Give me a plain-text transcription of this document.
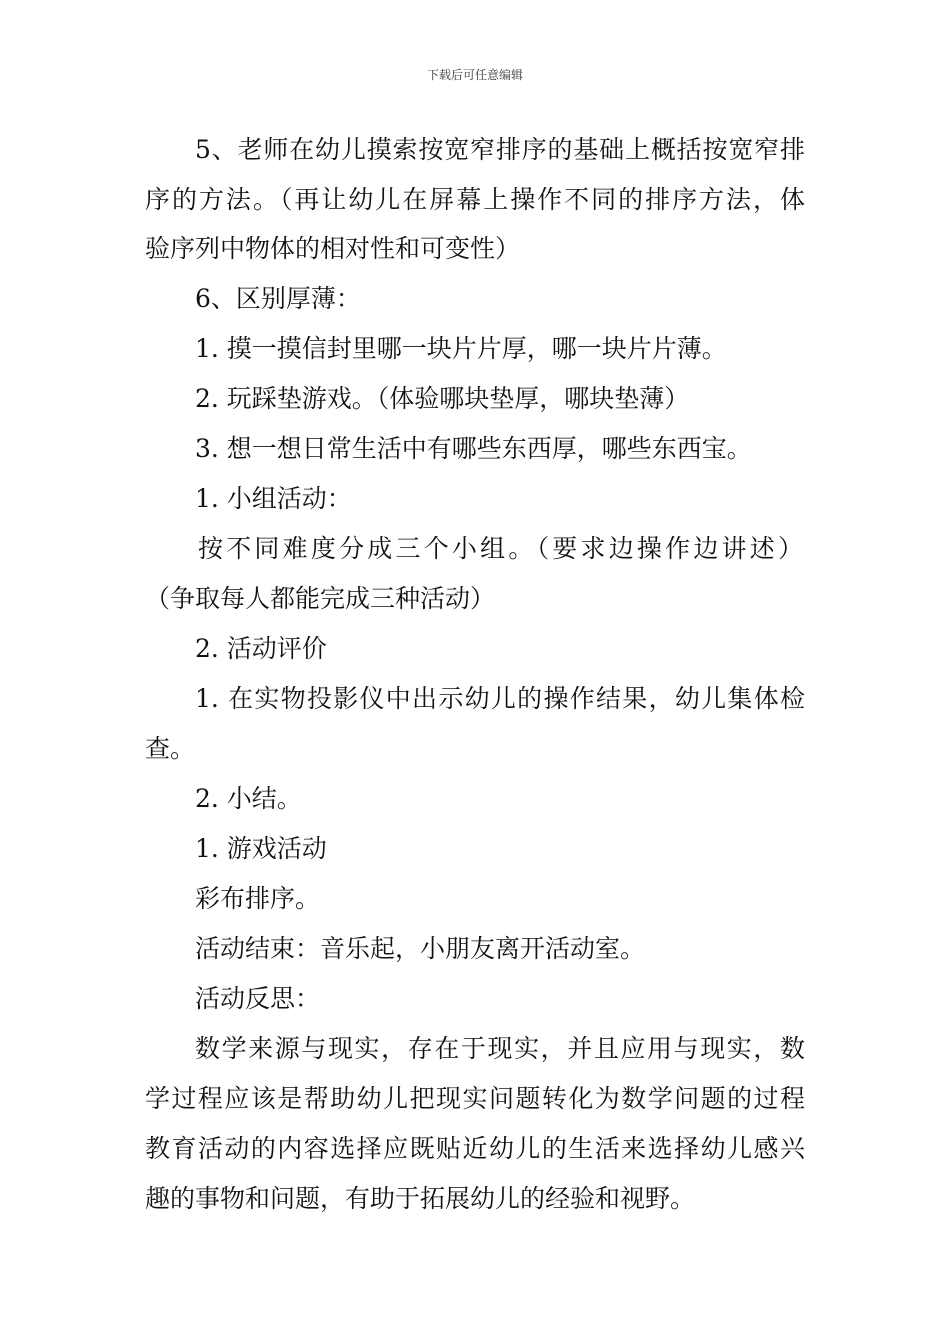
下载后可任意编辑
5、老师在幼儿摸索按宽窄排序的基础上概括按宽窄排
序的方法。（再让幼儿在屏幕上操作不同的排序方法，体
验序列中物体的相对性和可变性）
6、区别厚薄：
1. 摸一摸信封里哪一块片片厚，哪一块片片薄。
2. 玩踩垫游戏。（体验哪块垫厚，哪块垫薄）
3. 想一想日常生活中有哪些东西厚，哪些东西宝。
1. 小组活动：
按不同难度分成三个小组。（要求边操作边讲述）
（争取每人都能完成三种活动）
2. 活动评价
1. 在实物投影仪中出示幼儿的操作结果，幼儿集体检
查。
2. 小结。
1. 游戏活动
彩布排序。
活动结束：音乐起，小朋友离开活动室。
活动反思：
数学来源与现实，存在于现实，并且应用与现实，数
学过程应该是帮助幼儿把现实问题转化为数学问题的过程
教育活动的内容选择应既贴近幼儿的生活来选择幼儿感兴
趣的事物和问题，有助于拓展幼儿的经验和视野。
